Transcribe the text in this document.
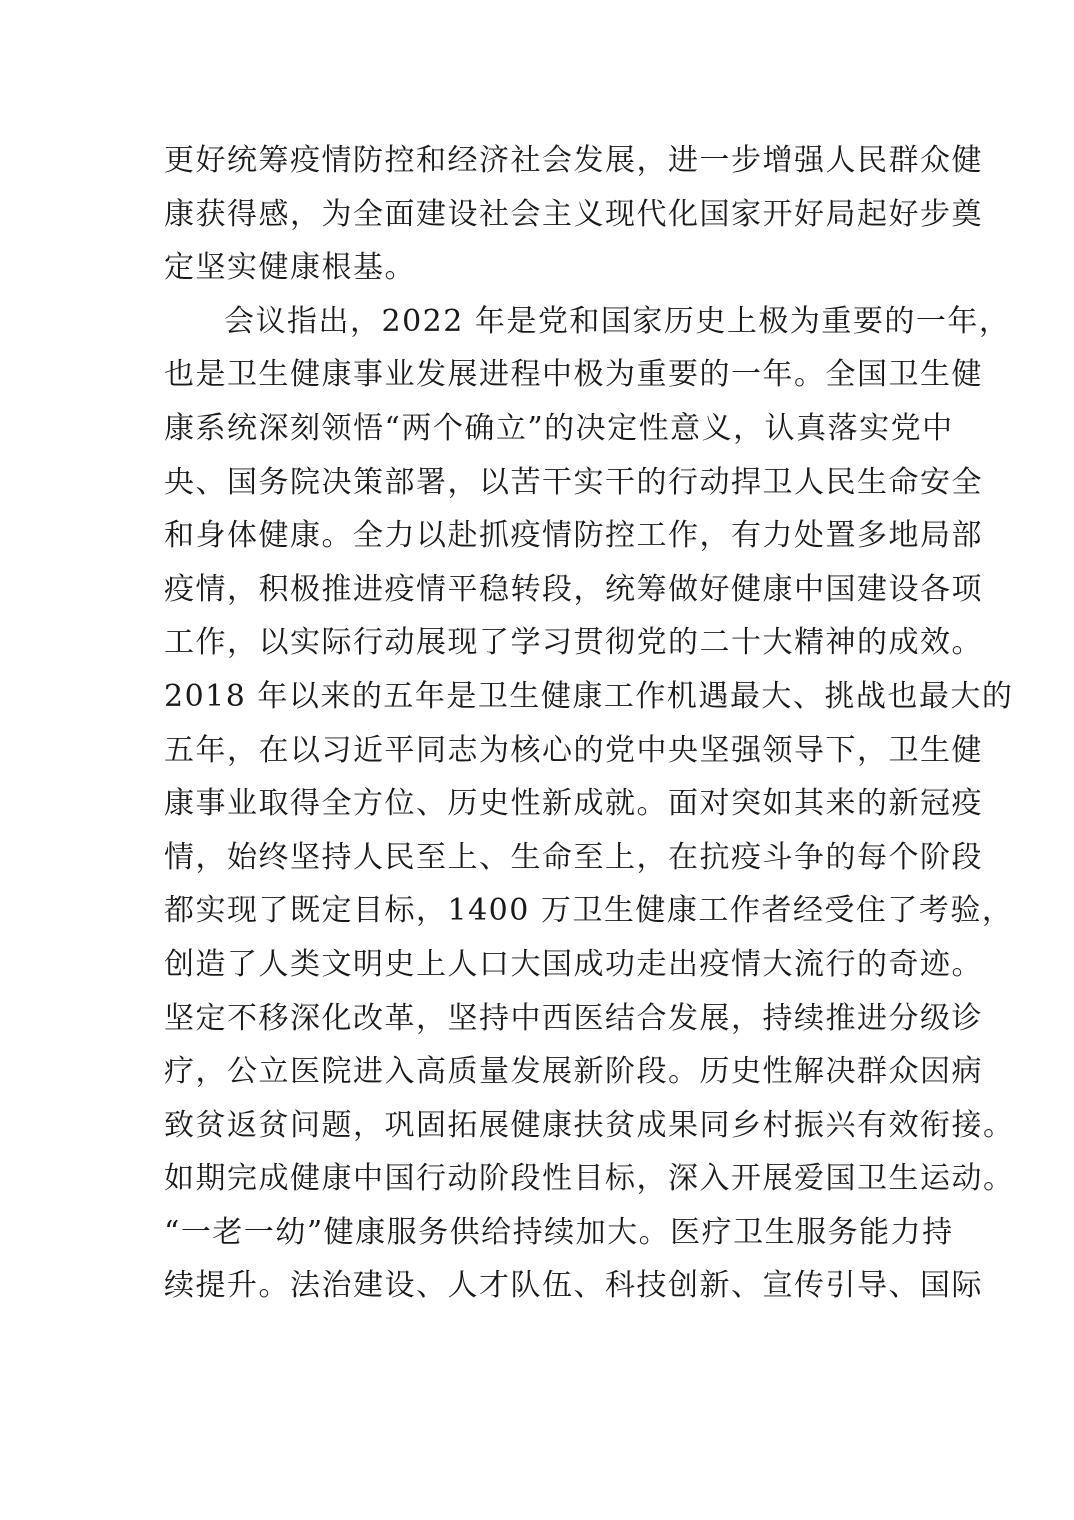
更好统筹疫情防控和经济社会发展，进一步增强人民群众健
康获得感，为全面建设社会主义现代化国家开好局起好步奠
定坚实健康根基。
会议指出，2022 年是党和国家历史上极为重要的一年，
也是卫生健康事业发展进程中极为重要的一年。全国卫生健
康系统深刻领悟“两个确立”的决定性意义，认真落实党中
央、国务院决策部署，以苦干实干的行动捍卫人民生命安全
和身体健康。全力以赴抓疫情防控工作，有力处置多地局部
疫情，积极推进疫情平稳转段，统筹做好健康中国建设各项
工作，以实际行动展现了学习贯彻党的二十大精神的成效。
2018 年以来的五年是卫生健康工作机遇最大、挑战也最大的
五年，在以习近平同志为核心的党中央坚强领导下，卫生健
康事业取得全方位、历史性新成就。面对突如其来的新冠疫
情，始终坚持人民至上、生命至上，在抗疫斗争的每个阶段
都实现了既定目标，1400 万卫生健康工作者经受住了考验，
创造了人类文明史上人口大国成功走出疫情大流行的奇迹。
坚定不移深化改革，坚持中西医结合发展，持续推进分级诊
疗，公立医院进入高质量发展新阶段。历史性解决群众因病
致贫返贫问题，巩固拓展健康扶贫成果同乡村振兴有效衔接。
如期完成健康中国行动阶段性目标，深入开展爱国卫生运动。
“一老一幼”健康服务供给持续加大。医疗卫生服务能力持
续提升。法治建设、人才队伍、科技创新、宣传引导、国际
